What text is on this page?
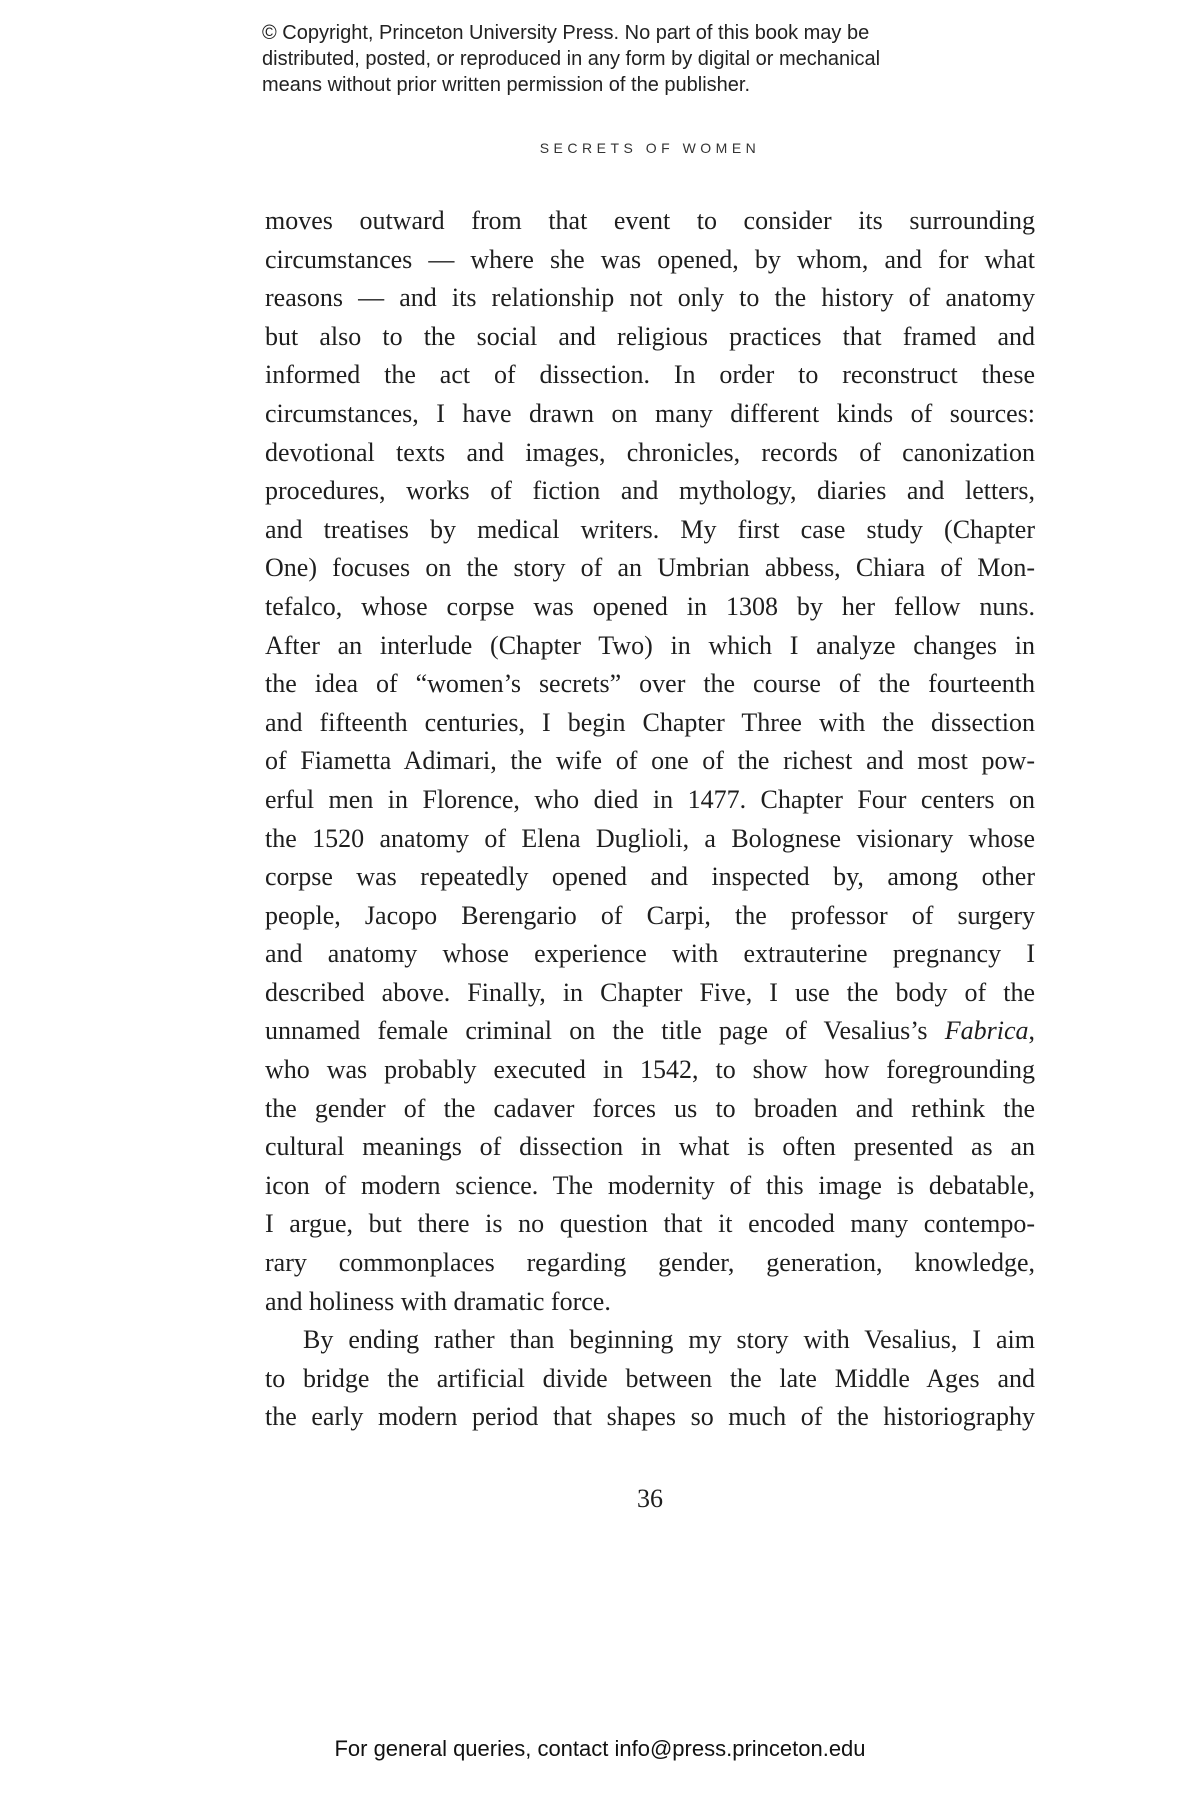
© Copyright, Princeton University Press. No part of this book may be
distributed, posted, or reproduced in any form by digital or mechanical
means without prior written permission of the publisher.
SECRETS OF WOMEN
moves outward from that event to consider its surrounding
circumstances — where she was opened, by whom, and for what
reasons — and its relationship not only to the history of anatomy
but also to the social and religious practices that framed and
informed the act of dissection. In order to reconstruct these
circumstances, I have drawn on many different kinds of sources:
devotional texts and images, chronicles, records of canonization
procedures, works of fiction and mythology, diaries and letters,
and treatises by medical writers. My first case study (Chapter
One) focuses on the story of an Umbrian abbess, Chiara of Mon-
tefalco, whose corpse was opened in 1308 by her fellow nuns.
After an interlude (Chapter Two) in which I analyze changes in
the idea of “women’s secrets” over the course of the fourteenth
and fifteenth centuries, I begin Chapter Three with the dissection
of Fiametta Adimari, the wife of one of the richest and most pow-
erful men in Florence, who died in 1477. Chapter Four centers on
the 1520 anatomy of Elena Duglioli, a Bolognese visionary whose
corpse was repeatedly opened and inspected by, among other
people, Jacopo Berengario of Carpi, the professor of surgery
and anatomy whose experience with extrauterine pregnancy I
described above. Finally, in Chapter Five, I use the body of the
unnamed female criminal on the title page of Vesalius’s Fabrica,
who was probably executed in 1542, to show how foregrounding
the gender of the cadaver forces us to broaden and rethink the
cultural meanings of dissection in what is often presented as an
icon of modern science. The modernity of this image is debatable,
I argue, but there is no question that it encoded many contempo-
rary commonplaces regarding gender, generation, knowledge,
and holiness with dramatic force.
By ending rather than beginning my story with Vesalius, I aim
to bridge the artificial divide between the late Middle Ages and
the early modern period that shapes so much of the historiography
36
For general queries, contact info@press.princeton.edu
